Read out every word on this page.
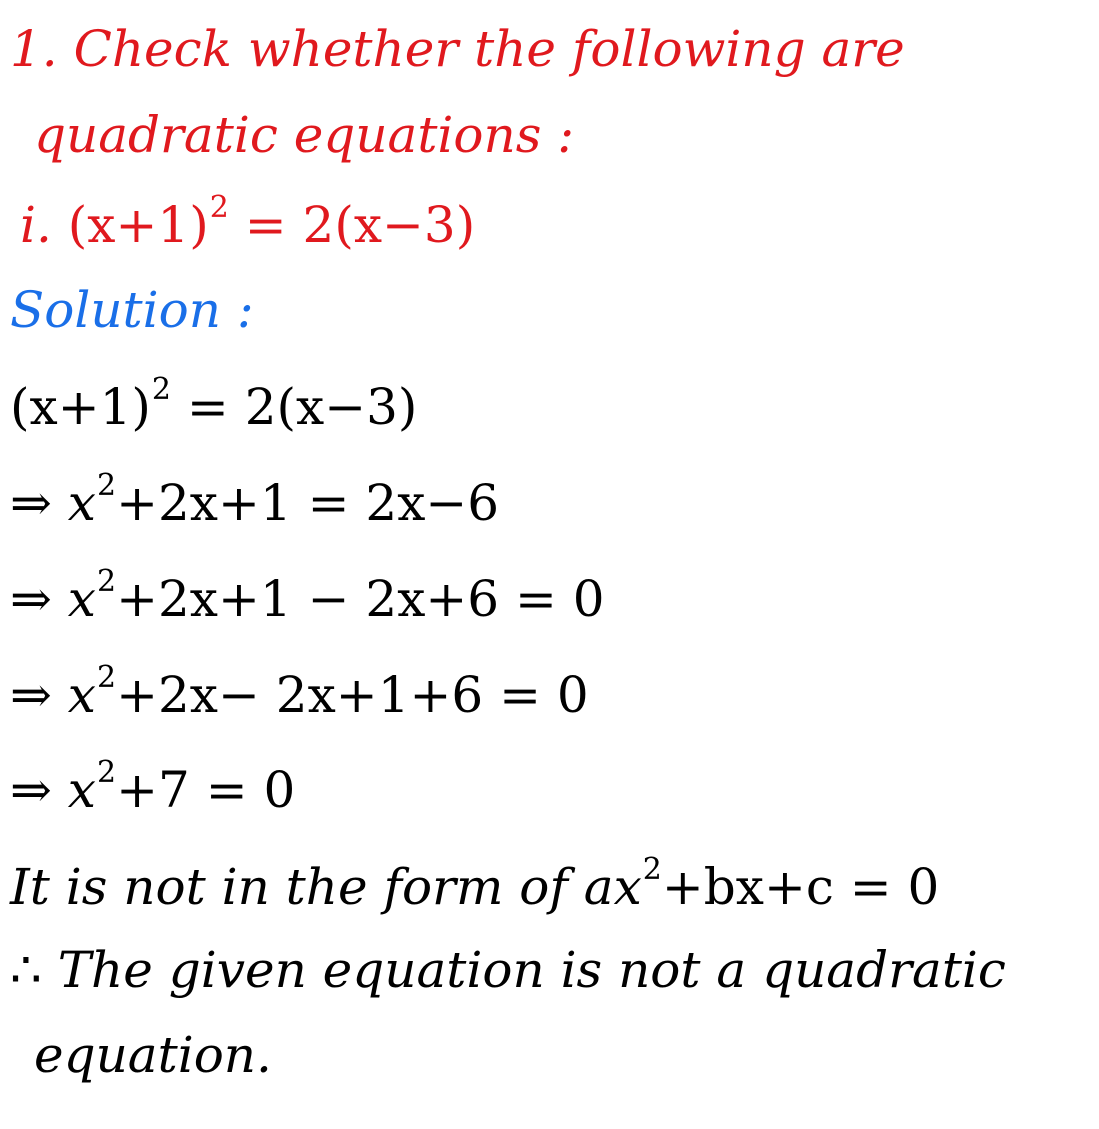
1. Check whether the following are
quadratic equations :
i. $(x+1)^2 = 2(x-3)$
Solution :
$(x+1)^2 = 2(x-3)$
⇒ $x^2+2x+1 = 2x-6$
⇒ $x^2+2x+1 - 2x+6 = 0$
⇒ $x^2+2x- 2x+1+6 = 0$
⇒ $x^2+7 = 0$
It is not in the form of $ax^2+bx+c = 0$
∴ The given equation is not a quadratic
equation.
